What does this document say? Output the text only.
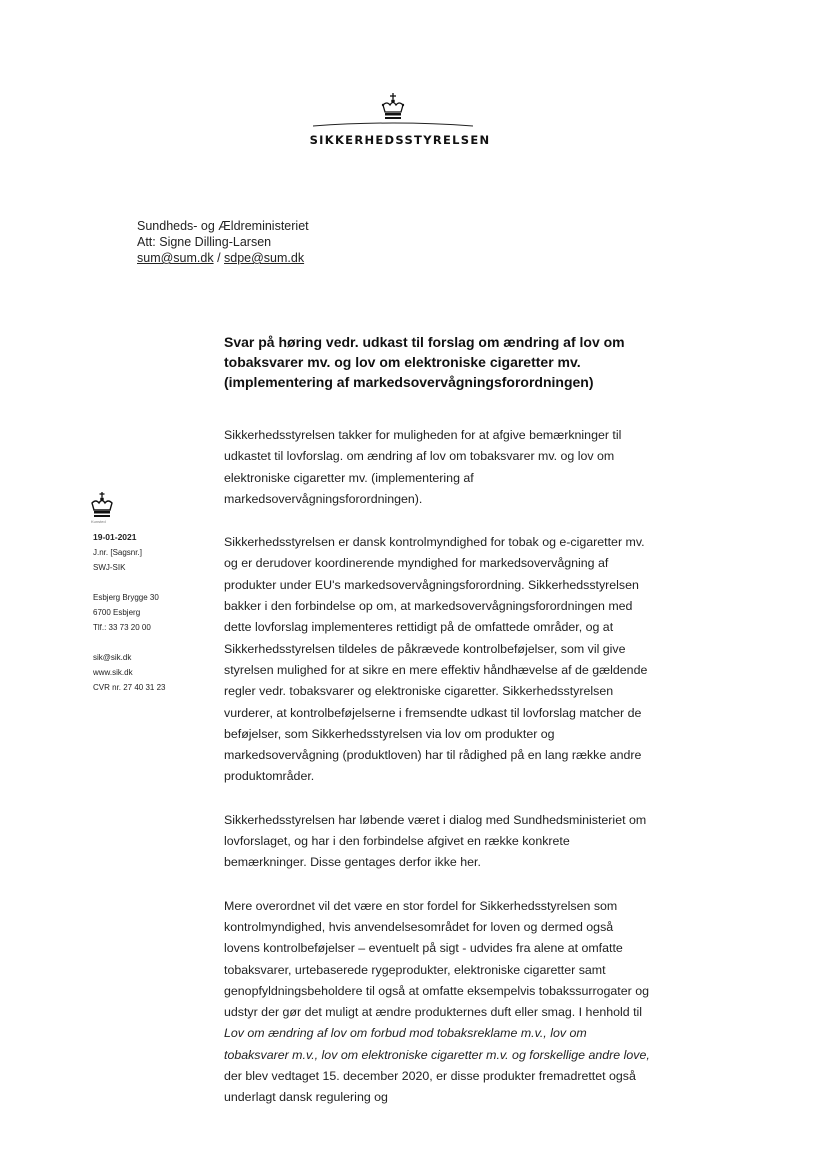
SIKKERHEDSSTYRELSEN
Sundheds- og Ældreministeriet
Att: Signe Dilling-Larsen
sum@sum.dk / sdpe@sum.dk
Svar på høring vedr. udkast til forslag om ændring af lov om tobaksvarer mv. og lov om elektroniske cigaretter mv. (implementering af markedsovervågningsforordningen)

Sikkerhedsstyrelsen takker for muligheden for at afgive bemærkninger til udkastet til lovforslag. om ændring af lov om tobaksvarer mv. og lov om elektroniske cigaretter mv. (implementering af markedsovervågningsforordningen).

Sikkerhedsstyrelsen er dansk kontrolmyndighed for tobak og e-cigaretter mv. og er derudover koordinerende myndighed for markedsovervågning af produkter under EU's markedsovervågningsforordning. Sikkerhedsstyrelsen bakker i den forbindelse op om, at markedsovervågningsforordningen med dette lovforslag implementeres rettidigt på de omfattede områder, og at Sikkerhedsstyrelsen tildeles de påkrævede kontrolbeføjelser, som vil give styrelsen mulighed for at sikre en mere effektiv håndhævelse af de gældende regler vedr. tobaksvarer og elektroniske cigaretter. Sikkerhedsstyrelsen vurderer, at kontrolbeføjelserne i fremsendte udkast til lovforslag matcher de beføjelser, som Sikkerhedsstyrelsen via lov om produkter og markedsovervågning (produktloven) har til rådighed på en lang række andre produktområder.

Sikkerhedsstyrelsen har løbende været i dialog med Sundhedsministeriet om lovforslaget, og har i den forbindelse afgivet en række konkrete bemærkninger. Disse gentages derfor ikke her.

Mere overordnet vil det være en stor fordel for Sikkerhedsstyrelsen som kontrolmyndighed, hvis anvendelsesområdet for loven og dermed også lovens kontrolbeføjelser – eventuelt på sigt - udvides fra alene at omfatte tobaksvarer, urtebaserede rygeprodukter, elektroniske cigaretter samt genopfyldningsbeholdere til også at omfatte eksempelvis tobakssurrogater og udstyr der gør det muligt at ændre produkternes duft eller smag. I henhold til Lov om ændring af lov om forbud mod tobaksreklame m.v., lov om tobaksvarer m.v., lov om elektroniske cigaretter m.v. og forskellige andre love, der blev vedtaget 15. december 2020, er disse produkter fremadrettet også underlagt dansk regulering og

Kunsted
19-01-2021
J.nr. [Sagsnr.]
SWJ-SIK
Esbjerg Brygge 30
6700 Esbjerg
Tlf.: 33 73 20 00
sik@sik.dk
www.sik.dk
CVR nr. 27 40 31 23
